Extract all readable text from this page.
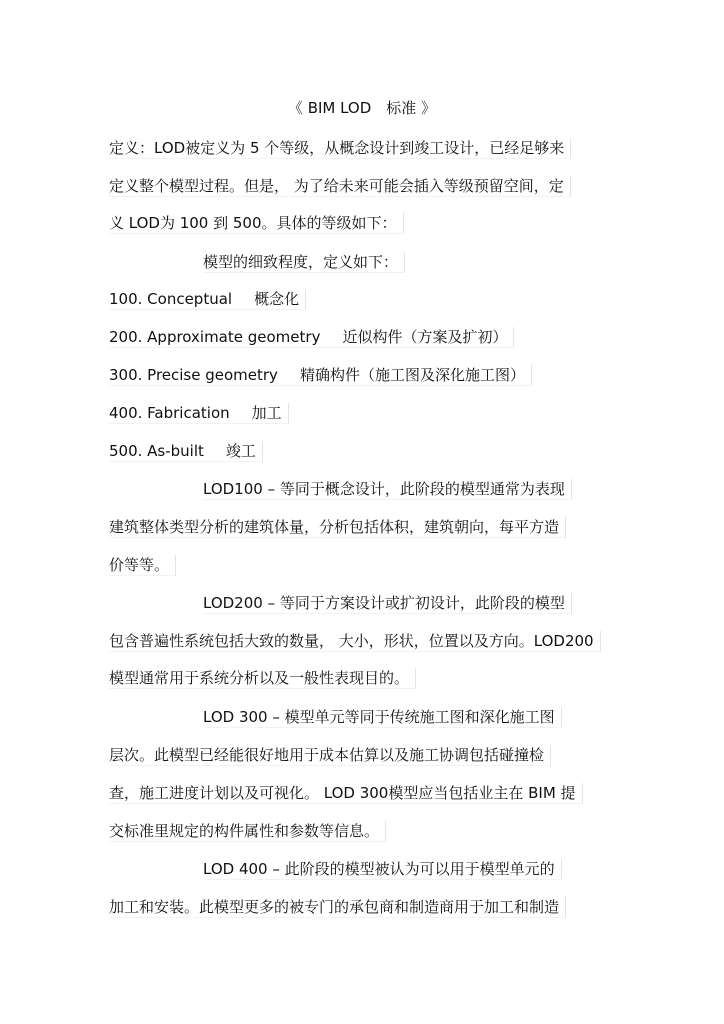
《 BIM LOD　标准 》
定义：LOD被定义为 5 个等级，从概念设计到竣工设计，已经足够来
定义整个模型过程。但是， 为了给未来可能会插入等级预留空间，定
义 LOD为 100 到 500。具体的等级如下：
模型的细致程度，定义如下：
100. Conceptual 概念化
200. Approximate geometry 近似构件（方案及扩初）
300. Precise geometry 精确构件（施工图及深化施工图）
400. Fabrication 加工
500. As-built 竣工
LOD100 – 等同于概念设计，此阶段的模型通常为表现
建筑整体类型分析的建筑体量，分析包括体积，建筑朝向，每平方造
价等等。
LOD200 – 等同于方案设计或扩初设计，此阶段的模型
包含普遍性系统包括大致的数量， 大小，形状，位置以及方向。LOD200
模型通常用于系统分析以及一般性表现目的。
LOD 300 – 模型单元等同于传统施工图和深化施工图
层次。此模型已经能很好地用于成本估算以及施工协调包括碰撞检
查，施工进度计划以及可视化。 LOD 300模型应当包括业主在 BIM 提
交标准里规定的构件属性和参数等信息。
LOD 400 – 此阶段的模型被认为可以用于模型单元的
加工和安装。此模型更多的被专门的承包商和制造商用于加工和制造
